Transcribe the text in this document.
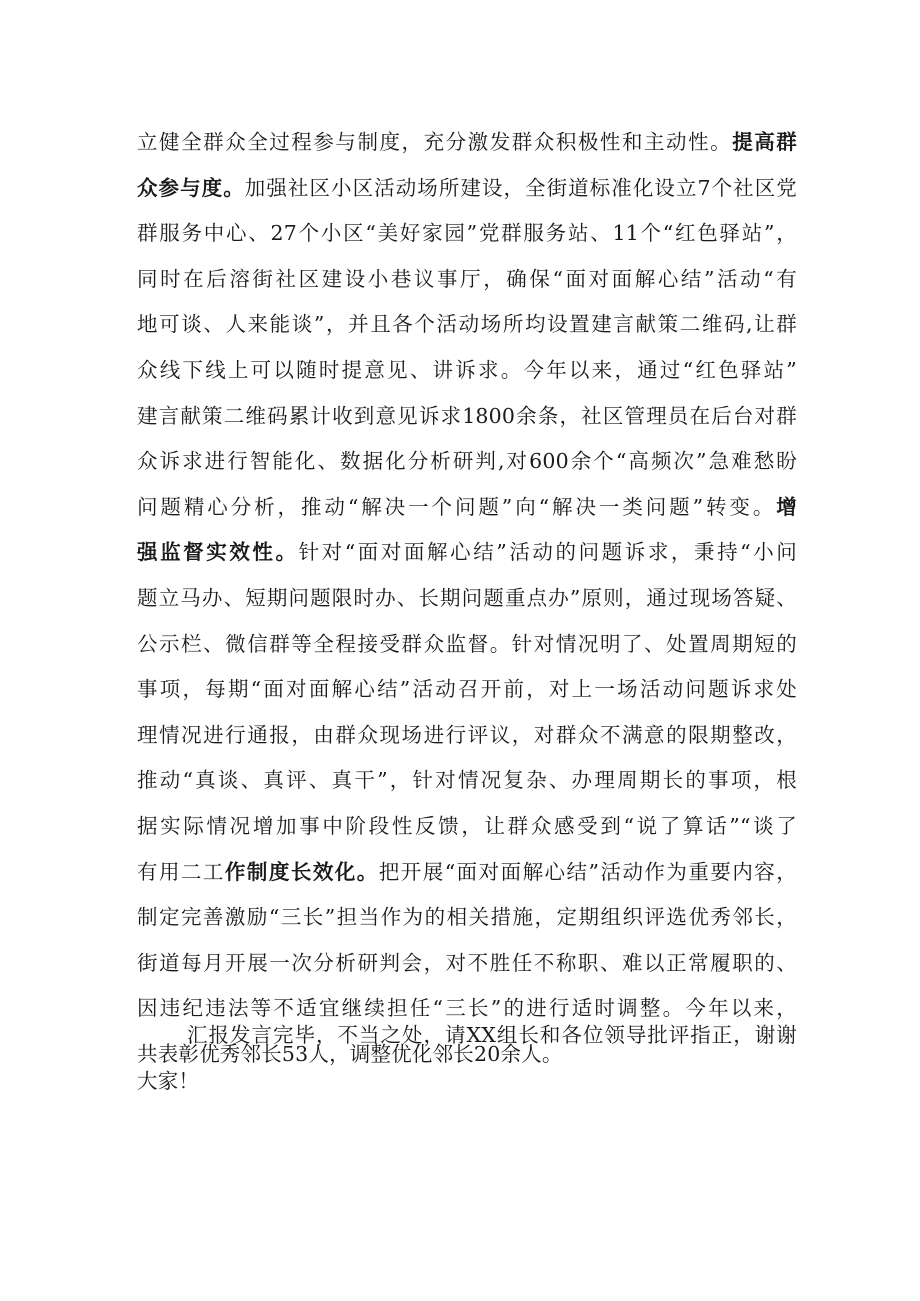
立健全群众全过程参与制度，充分激发群众积极性和主动性。提高群
众参与度。加强社区小区活动场所建设，全街道标准化设立7个社区党
群服务中心、27个小区“美好家园”党群服务站、11个“红色驿站”，
同时在后溶街社区建设小巷议事厅，确保“面对面解心结”活动“有
地可谈、人来能谈”，并且各个活动场所均设置建言献策二维码,让群
众线下线上可以随时提意见、讲诉求。今年以来，通过“红色驿站”
建言献策二维码累计收到意见诉求1800余条，社区管理员在后台对群
众诉求进行智能化、数据化分析研判,对600余个“高频次”急难愁盼
问题精心分析，推动“解决一个问题”向“解决一类问题”转变。增
强监督实效性。针对“面对面解心结”活动的问题诉求，秉持“小问
题立马办、短期问题限时办、长期问题重点办”原则，通过现场答疑、
公示栏、微信群等全程接受群众监督。针对情况明了、处置周期短的
事项，每期“面对面解心结”活动召开前，对上一场活动问题诉求处
理情况进行通报，由群众现场进行评议，对群众不满意的限期整改，
推动“真谈、真评、真干”，针对情况复杂、办理周期长的事项，根
据实际情况增加事中阶段性反馈，让群众感受到“说了算话”“谈了
有用二工作制度长效化。把开展“面对面解心结”活动作为重要内容，
制定完善激励“三长”担当作为的相关措施，定期组织评选优秀邻长，
街道每月开展一次分析研判会，对不胜任不称职、难以正常履职的、
因违纪违法等不适宜继续担任“三长”的进行适时调整。今年以来，
共表彰优秀邻长53人，调整优化邻长20余人。
汇报发言完毕，不当之处，请XX组长和各位领导批评指正，谢谢
大家！
